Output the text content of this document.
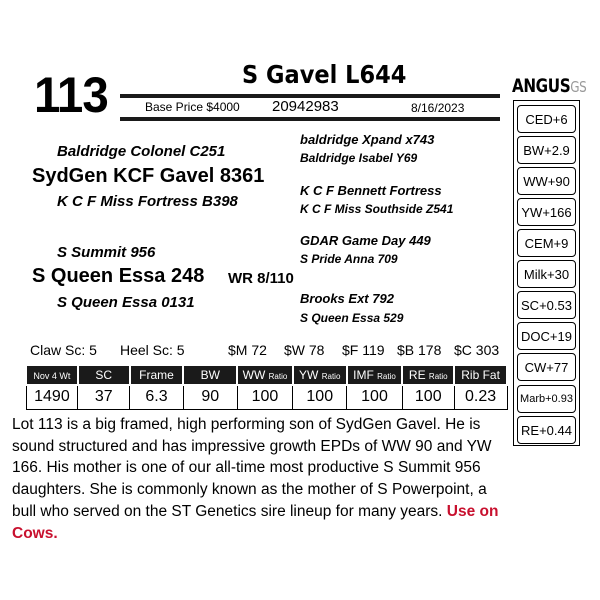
113	S Gavel L644
Base Price $4000 20942983	8/16/2023
Baldridge Colonel C251
SydGen KCF Gavel 8361
K C F Miss Fortress B398
S Summit 956
S Queen Essa 248
S Queen Essa 0131
WR 8/110
baldridge Xpand x743
Baldridge Isabel Y69
K C F Bennett Fortress
K C F Miss Southside Z541
GDAR Game Day 449
S Pride Anna 709
Brooks Ext 792
S Queen Essa 529
ANGUSGS
CED+6
BW+2.9
WW+90
YW+166
CEM+9
Milk+30
SC+0.53
DOC+19
CW+77
Marb+0.93
RE+0.44
Claw Sc: 5 Heel Sc: 5	$M 72 $W 78 $F 119 $B 178 $C 303
Nov 4 Wt	SC	Frame	BW	WW Ratio	YW Ratio	IMF Ratio	RE Ratio	Rib Fat
1490	37	6.3	90	100	100	100	100	0.23
Lot 113 is a big framed, high performing son of SydGen Gavel. He is sound structured and has impressive growth EPDs of WW 90 and YW 166. His mother is one of our all-time most productive S Summit 956 daughters. She is commonly known as the mother of S Powerpoint, a bull who served on the ST Genetics sire lineup for many years. Use on Cows.
